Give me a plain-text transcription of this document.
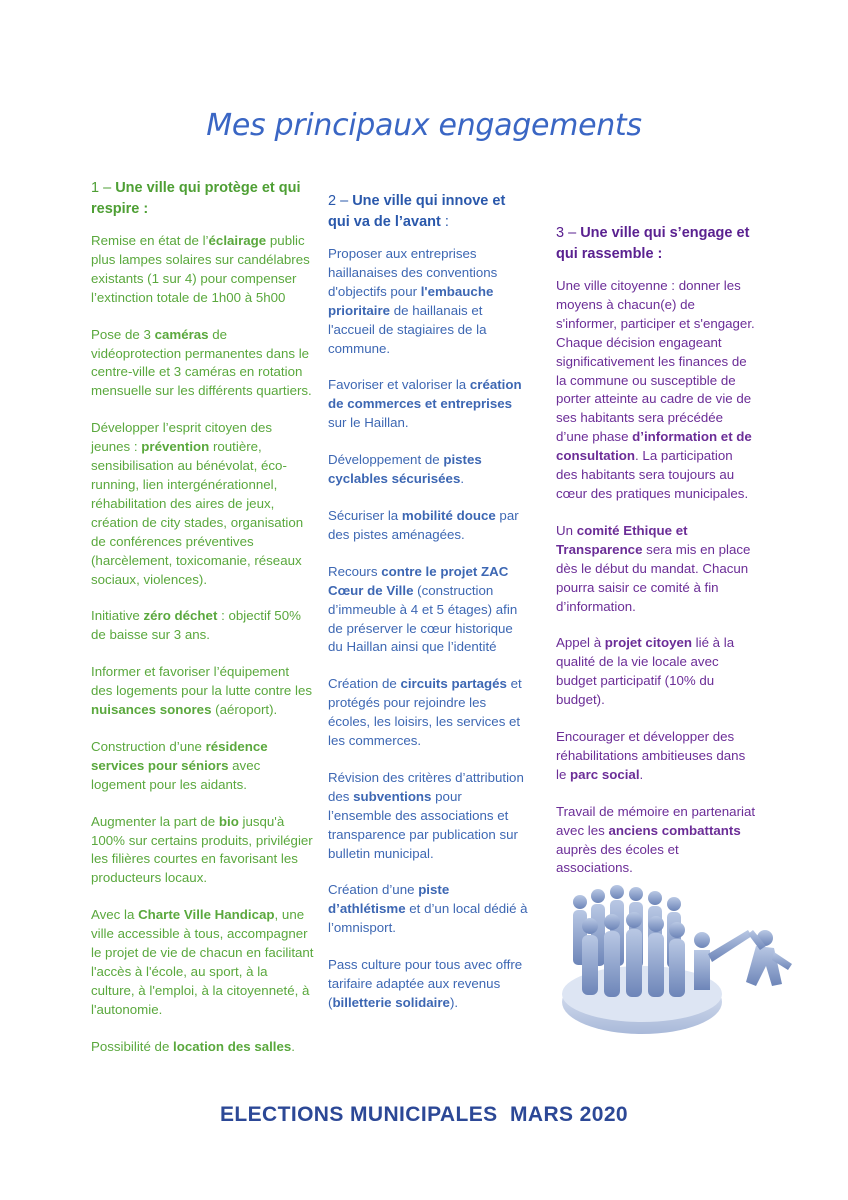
Mes principaux engagements
1 – Une ville qui protège et qui respire :

Remise en état de l’éclairage public plus lampes solaires sur candélabres existants (1 sur 4) pour compenser l’extinction totale de 1h00 à 5h00

Pose de 3 caméras de vidéoprotection permanentes dans le centre-ville et 3 caméras en rotation mensuelle sur les différents quartiers.

Développer l’esprit citoyen des jeunes : prévention routière, sensibilisation au bénévolat, éco-running, lien intergénérationnel, réhabilitation des aires de jeux, création de city stades, organisation de conférences préventives (harcèlement, toxicomanie, réseaux sociaux, violences).

Initiative zéro déchet : objectif 50% de baisse sur 3 ans.

Informer et favoriser l’équipement des logements pour la lutte contre les nuisances sonores (aéroport).

Construction d’une résidence services pour séniors avec logement pour les aidants.

Augmenter la part de bio jusqu'à 100% sur certains produits, privilégier les filières courtes en favorisant les producteurs locaux.

Avec la Charte Ville Handicap, une ville accessible à tous, accompagner le projet de vie de chacun en facilitant l'accès à l'école, au sport, à la culture, à l'emploi, à la citoyenneté, à l'autonomie.

Possibilité de location des salles.

2 – Une ville qui innove et qui va de l’avant :

Proposer aux entreprises haillanaises des conventions d'objectifs pour l'embauche prioritaire de haillanais et l'accueil de stagiaires de la commune.

Favoriser et valoriser la création de commerces et entreprises sur le Haillan.

Développement de pistes cyclables sécurisées.

Sécuriser la mobilité douce par des pistes aménagées.

Recours contre le projet ZAC Cœur de Ville (construction d’immeuble à 4 et 5 étages) afin de préserver le cœur historique du Haillan ainsi que l’identité

Création de circuits partagés et protégés pour rejoindre les écoles, les loisirs, les services et les commerces.

Révision des critères d’attribution des subventions pour l’ensemble des associations et transparence par publication sur bulletin municipal.

Création d’une piste d’athlétisme et d’un local dédié à l’omnisport.

Pass culture pour tous avec offre tarifaire adaptée aux revenus (billetterie solidaire).

3 – Une ville qui s’engage et qui rassemble :

Une ville citoyenne : donner les moyens à chacun(e) de s'informer, participer et s'engager. Chaque décision engageant significativement les finances de la commune ou susceptible de porter atteinte au cadre de vie de ses habitants sera précédée d’une phase d’information et de consultation. La participation des habitants sera toujours au cœur des pratiques municipales.

Un comité Ethique et Transparence sera mis en place dès le début du mandat. Chacun pourra saisir ce comité à fin d’information.

Appel à projet citoyen lié à la qualité de la vie locale avec budget participatif (10% du budget).

Encourager et développer des réhabilitations ambitieuses dans le parc social.

Travail de mémoire en partenariat avec les anciens combattants auprès des écoles et associations.

ELECTIONS MUNICIPALES  MARS 2020
